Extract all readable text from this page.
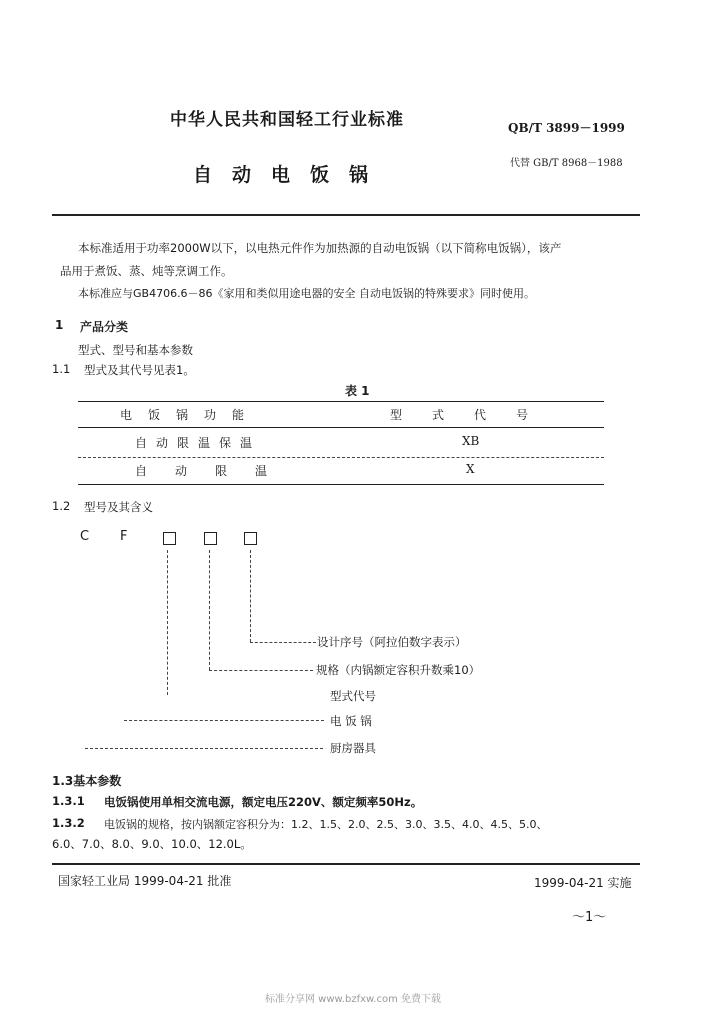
中华人民共和国轻工行业标准	QB/T 3899－1999
自动电饭锅
代替 GB/T 8968－1988
本标准适用于功率2000W以下，以电热元件作为加热源的自动电饭锅（以下简称电饭锅），该产
品用于煮饭、蒸、炖等烹调工作。
本标准应与GB4706.6－86《家用和类似用途电器的安全 自动电饭锅的特殊要求》同时使用。
1 产品分类
型式、型号和基本参数
1.1 型式及其代号见表1。
表 1
电饭锅功能	型式代号
自动限温保温	XB
自动限温	X
1.2 型号及其含义
C F
设计序号（阿拉伯数字表示）
规格（内锅额定容积升数乘10）
型式代号
电 饭 锅
厨房器具
1.3基本参数
1.3.1 电饭锅使用单相交流电源，额定电压220V、额定频率50Hz。
1.3.2 电饭锅的规格，按内锅额定容积分为：1.2、1.5、2.0、2.5、3.0、3.5、4.0、4.5、5.0、
6.0、7.0、8.0、9.0、10.0、12.0L。
国家轻工业局 1999-04-21 批准	1999-04-21 实施
～1～
标准分享网 www.bzfxw.com 免费下载
